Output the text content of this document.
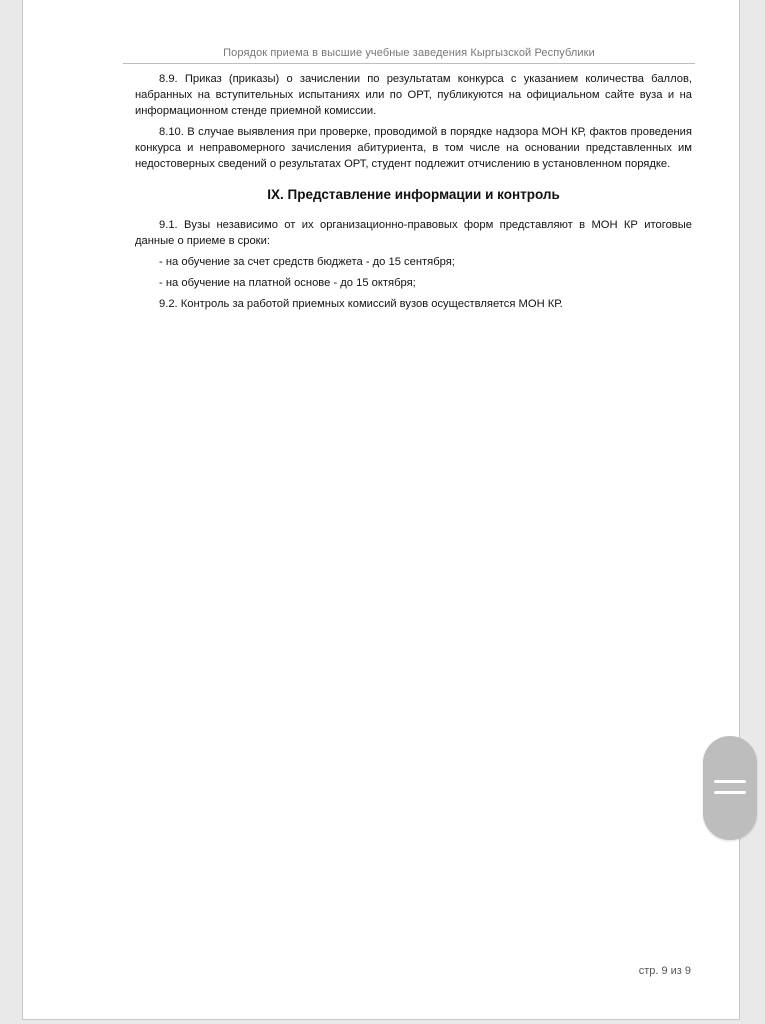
Порядок приема в высшие учебные заведения Кыргызской Республики

8.9. Приказ (приказы) о зачислении по результатам конкурса с указанием количества баллов, набранных на вступительных испытаниях или по ОРТ, публикуются на официальном сайте вуза и на информационном стенде приемной комиссии.

8.10. В случае выявления при проверке, проводимой в порядке надзора МОН КР, фактов проведения конкурса и неправомерного зачисления абитуриента, в том числе на основании представленных им недостоверных сведений о результатах ОРТ, студент подлежит отчислению в установленном порядке.

IX. Представление информации и контроль

9.1. Вузы независимо от их организационно-правовых форм представляют в МОН КР итоговые данные о приеме в сроки:

- на обучение за счет средств бюджета - до 15 сентября;

- на обучение на платной основе - до 15 октября;

9.2. Контроль за работой приемных комиссий вузов осуществляется МОН КР.

стр. 9 из 9
